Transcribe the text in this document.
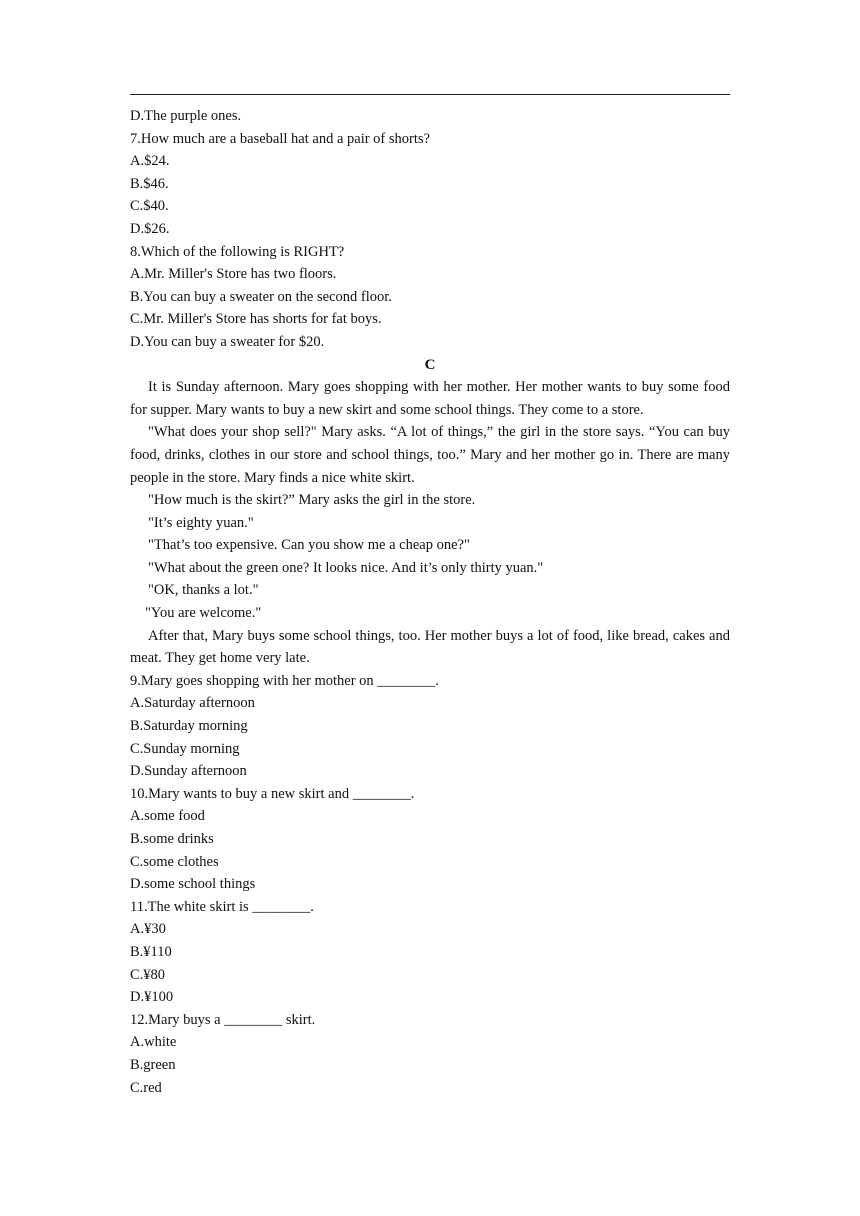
D.The purple ones.
7.How much are a baseball hat and a pair of shorts?
A.$24.
B.$46.
C.$40.
D.$26.
8.Which of the following is RIGHT?
A.Mr. Miller's Store has two floors.
B.You can buy a sweater on the second floor.
C.Mr. Miller's Store has shorts for fat boys.
D.You can buy a sweater for $20.
C
It is Sunday afternoon. Mary goes shopping with her mother. Her mother wants to buy some food for supper. Mary wants to buy a new skirt and some school things. They come to a store.
"What does your shop sell?" Mary asks. “A lot of things,” the girl in the store says. “You can buy food, drinks, clothes in our store and school things, too.” Mary and her mother go in. There are many people in the store. Mary finds a nice white skirt.
"How much is the skirt?” Mary asks the girl in the store.
"It’s eighty yuan."
"That’s too expensive. Can you show me a cheap one?"
"What about the green one? It looks nice. And it’s only thirty yuan."
"OK, thanks a lot."
"You are welcome."
After that, Mary buys some school things, too. Her mother buys a lot of food, like bread, cakes and meat. They get home very late.
9.Mary goes shopping with her mother on ________.
A.Saturday afternoon
B.Saturday morning
C.Sunday morning
D.Sunday afternoon
10.Mary wants to buy a new skirt and ________.
A.some food
B.some drinks
C.some clothes
D.some school things
11.The white skirt is ________.
A.¥30
B.¥110
C.¥80
D.¥100
12.Mary buys a ________ skirt.
A.white
B.green
C.red
